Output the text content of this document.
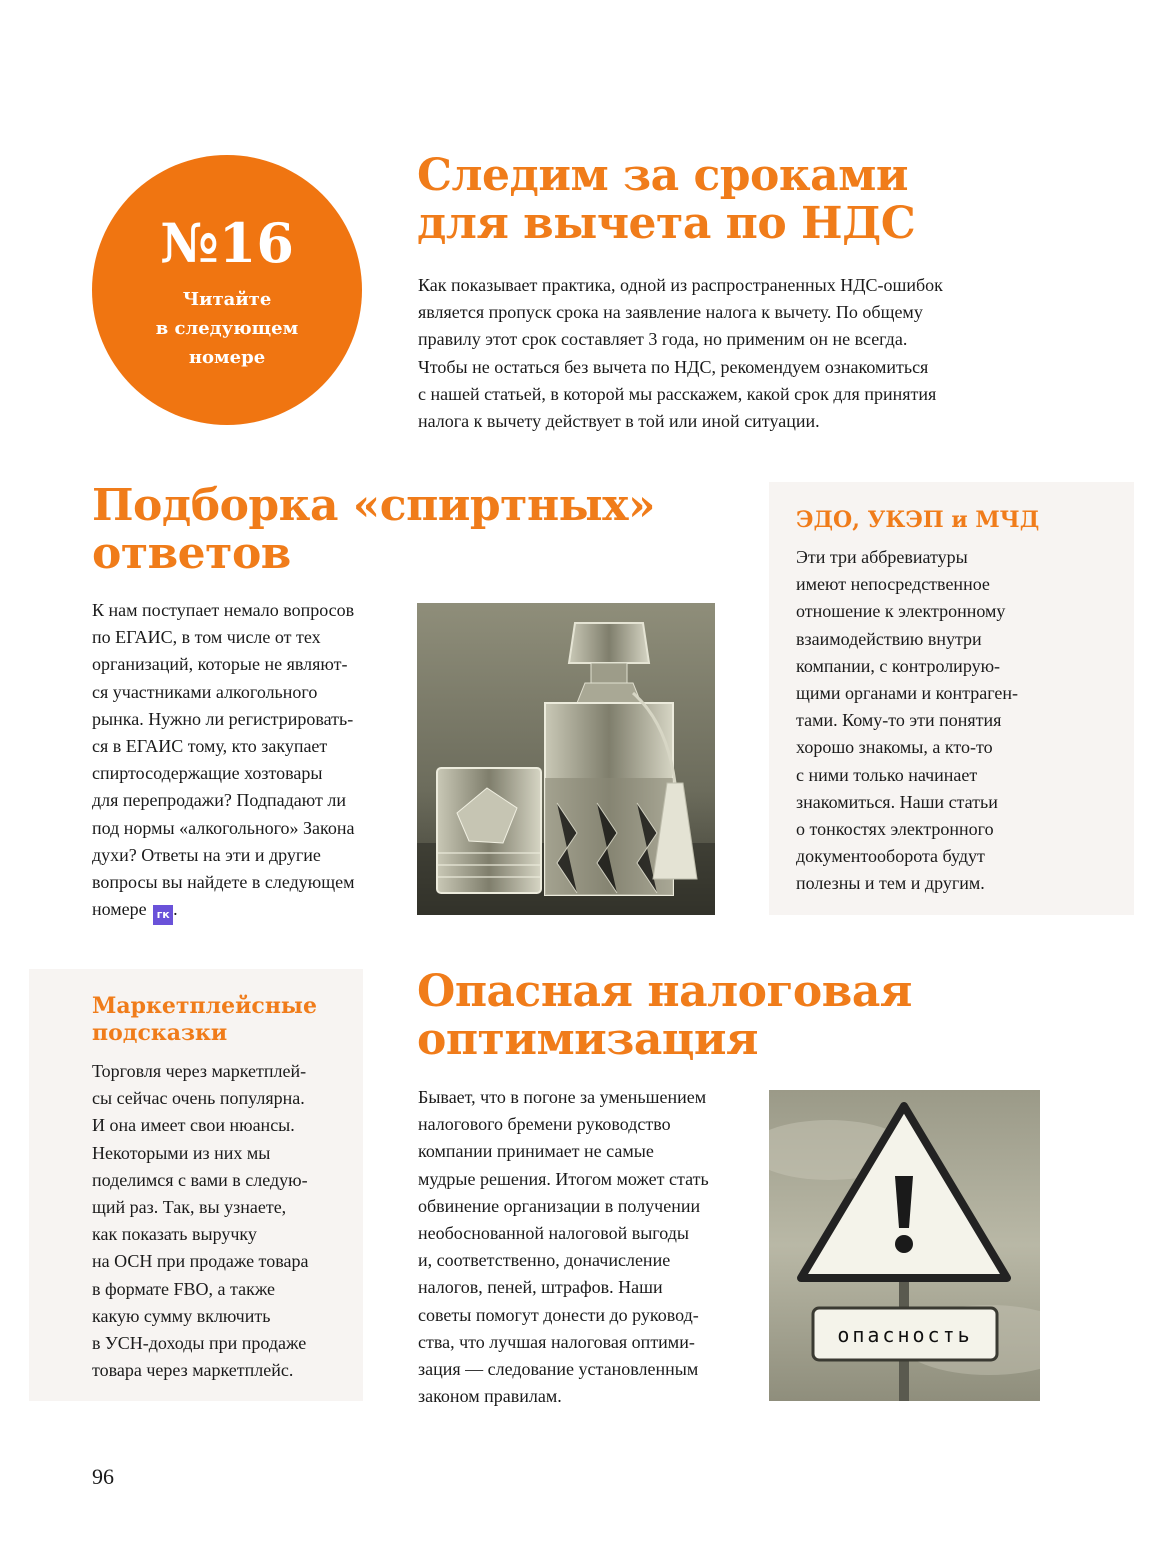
№16
Читайте
в следующем
номере
Следим за сроками
для вычета по НДС
Как показывает практика, одной из распространенных НДС-ошибок
является пропуск срока на заявление налога к вычету. По общему
правилу этот срок составляет 3 года, но применим он не всегда.
Чтобы не остаться без вычета по НДС, рекомендуем ознакомиться
с нашей статьей, в которой мы расскажем, какой срок для принятия
налога к вычету действует в той или иной ситуации.
Подборка «спиртных»
ответов
К нам поступает немало вопросов
по ЕГАИС, в том числе от тех
организаций, которые не являют-
ся участниками алкогольного
рынка. Нужно ли регистрировать-
ся в ЕГАИС тому, кто закупает
спиртосодержащие хозтовары
для перепродажи? Подпадают ли
под нормы «алкогольного» Закона
духи? Ответы на эти и другие
вопросы вы найдете в следующем
номере гк .
ЭДО, УКЭП и МЧД
Эти три аббревиатуры
имеют непосредственное
отношение к электронному
взаимодействию внутри
компании, с контролирую-
щими органами и контраген-
тами. Кому-то эти понятия
хорошо знакомы, а кто-то
с ними только начинает
знакомиться. Наши статьи
о тонкостях электронного
документооборота будут
полезны и тем и другим.
Маркетплейсные
подсказки
Торговля через маркетплей-
сы сейчас очень популярна.
И она имеет свои нюансы.
Некоторыми из них мы
поделимся с вами в следую-
щий раз. Так, вы узнаете,
как показать выручку
на ОСН при продаже товара
в формате FBO, а также
какую сумму включить
в УСН-доходы при продаже
товара через маркетплейс.
Опасная налоговая
оптимизация
Бывает, что в погоне за уменьшением
налогового бремени руководство
компании принимает не самые
мудрые решения. Итогом может стать
обвинение организации в получении
необоснованной налоговой выгоды
и, соответственно, доначисление
налогов, пеней, штрафов. Наши
советы помогут донести до руковод-
ства, что лучшая налоговая оптими-
зация — следование установленным
законом правилам.
опасность
96
